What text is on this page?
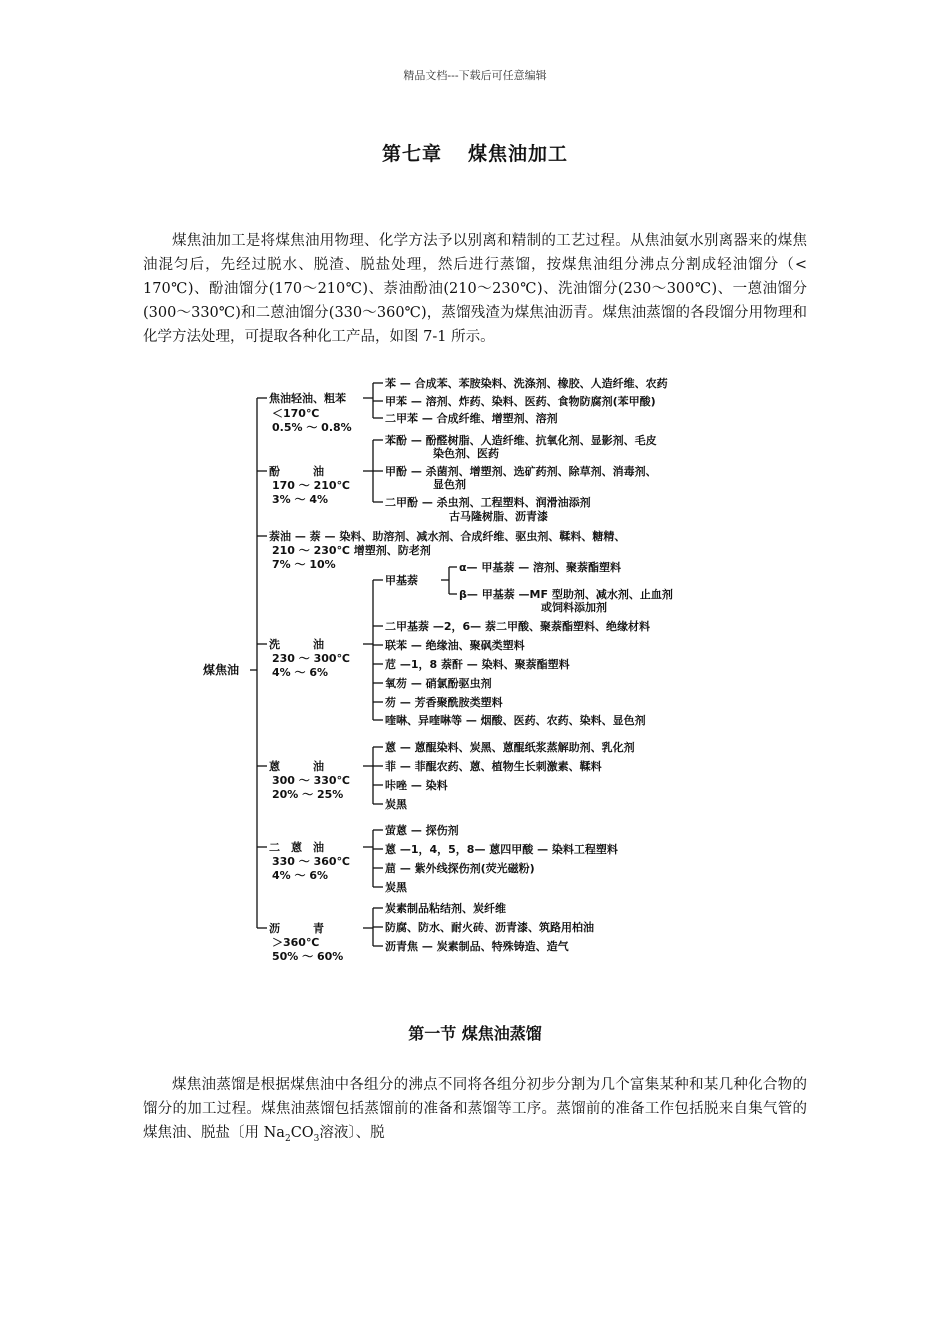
精品文档---下载后可任意编辑
第七章 煤焦油加工

煤焦油加工是将煤焦油用物理、化学方法予以别离和精制的工艺过程。从焦油氨水别离器来的煤焦油混匀后，先经过脱水、脱渣、脱盐处理，然后进行蒸馏，按煤焦油组分沸点分割成轻油馏分（< 170℃)、酚油馏分(170～210℃)、萘油酚油(210～230℃)、洗油馏分(230～300℃)、一蒽油馏分(300～330℃)和二蒽油馏分(330～360℃)，蒸馏残渣为煤焦油沥青。煤焦油蒸馏的各段馏分用物理和化学方法处理，可提取各种化工产品，如图 7-1 所示。

煤焦油
焦油轻油、粗苯
＜170℃
0.5% ～ 0.8%
苯 — 合成苯、苯胺染料、洗涤剂、橡胶、人造纤维、农药
甲苯 — 溶剂、炸药、染料、医药、食物防腐剂(苯甲酸)
二甲苯 — 合成纤维、增塑剂、溶剂
酚　　　油
170 ～ 210℃
3% ～ 4%
苯酚 — 酚醛树脂、人造纤维、抗氧化剂、显影剂、毛皮
染色剂、医药
甲酚 — 杀菌剂、增塑剂、选矿药剂、除草剂、消毒剂、
显色剂
二甲酚 — 杀虫剂、工程塑料、润滑油添剂
古马隆树脂、沥青漆
萘油 — 萘 — 染料、助溶剂、减水剂、合成纤维、驱虫剂、鞣料、糖精、
210 ～ 230℃ 增塑剂、防老剂
7% ～ 10%
洗　　　油
230 ～ 300℃
4% ～ 6%
甲基萘
α— 甲基萘 — 溶剂、聚萘酯塑料
β— 甲基萘 —MF 型助剂、减水剂、止血剂
或饲料添加剂
二甲基萘 —2，6— 萘二甲酸、聚萘酯塑料、绝缘材料
联苯 — 绝缘油、聚砜类塑料
苊 —1，8 萘酐 — 染料、聚萘酯塑料
氧芴 — 硝氯酚驱虫剂
芴 — 芳香聚酰胺类塑料
喹啉、异喹啉等 — 烟酸、医药、农药、染料、显色剂
蒽　　　油
300 ～ 330℃
20% ～ 25%
蒽 — 蒽醌染料、炭黑、蒽醌纸浆蒸解助剂、乳化剂
菲 — 菲醌农药、蒽、植物生长刺激素、鞣料
咔唑 — 染料
炭黑
二　蒽　油
330 ～ 360℃
4% ～ 6%
萤蒽 — 探伤剂
蒽 —1，4，5，8— 蒽四甲酸 — 染料工程塑料
䓛 — 紫外线探伤剂(荧光磁粉)
炭黑
沥　　　青
＞360℃
50% ～ 60%
炭素制品粘结剂、炭纤维
防腐、防水、耐火砖、沥青漆、筑路用柏油
沥青焦 — 炭素制品、特殊铸造、造气
第一节 煤焦油蒸馏

煤焦油蒸馏是根据煤焦油中各组分的沸点不同将各组分初步分割为几个富集某种和某几种化合物的馏分的加工过程。煤焦油蒸馏包括蒸馏前的准备和蒸馏等工序。蒸馏前的准备工作包括脱来自集气管的煤焦油、脱盐〔用 $Na_2CO_3$溶液〕、脱
